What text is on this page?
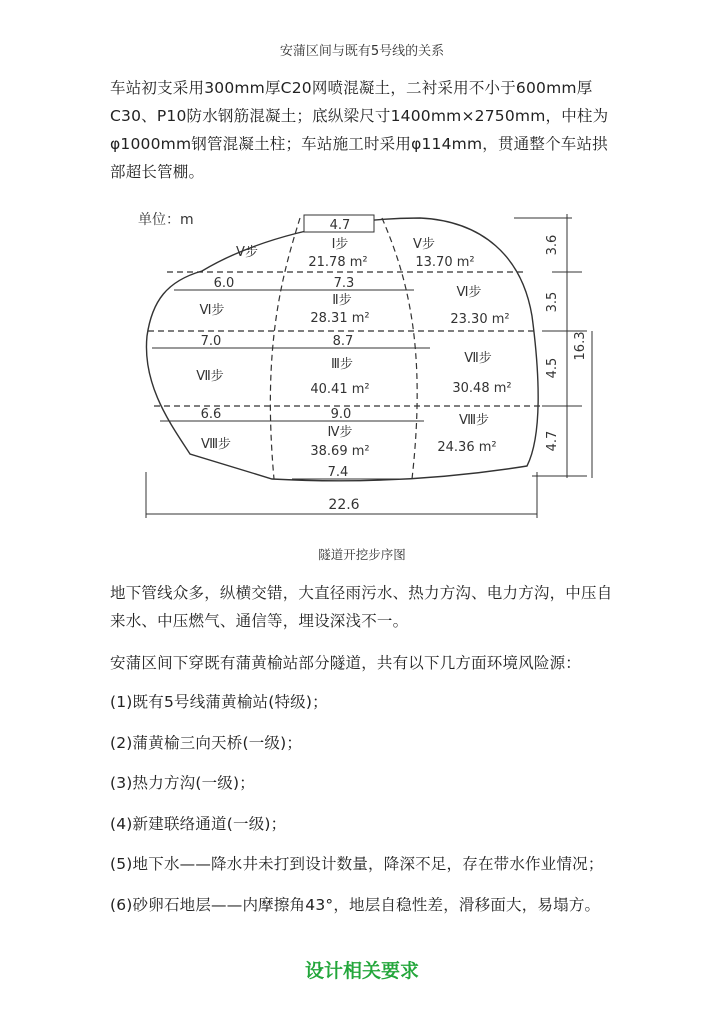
安蒲区间与既有5号线的关系

车站初支采用300mm厚C20网喷混凝土，二衬采用不小于600mm厚C30、P10防水钢筋混凝土；底纵梁尺寸1400mm×2750mm，中柱为φ1000mm钢管混凝土柱；车站施工时采用φ114mm，贯通整个车站拱部超长管棚。

单位：m
Ⅰ步
21.78 m²
Ⅱ步
28.31 m²
Ⅲ步
40.41 m²
Ⅳ步
38.69 m²
Ⅴ步
Ⅴ步
13.70 m²
Ⅵ步
Ⅵ步
23.30 m²
Ⅶ步
Ⅶ步
30.48 m²
Ⅷ步
Ⅷ步
24.36 m²
4.7
6.0	7.3
7.0	8.7
6.6	9.0
7.4
22.6
3.6
3.5
4.5
4.7
16.3

隧道开挖步序图

地下管线众多，纵横交错，大直径雨污水、热力方沟、电力方沟，中压自来水、中压燃气、通信等，埋设深浅不一。

安蒲区间下穿既有蒲黄榆站部分隧道，共有以下几方面环境风险源：

(1)既有5号线蒲黄榆站(特级)；

(2)蒲黄榆三向天桥(一级)；

(3)热力方沟(一级)；

(4)新建联络通道(一级)；

(5)地下水——降水井未打到设计数量，降深不足，存在带水作业情况；

(6)砂卵石地层——内摩擦角43°，地层自稳性差，滑移面大，易塌方。

设计相关要求
